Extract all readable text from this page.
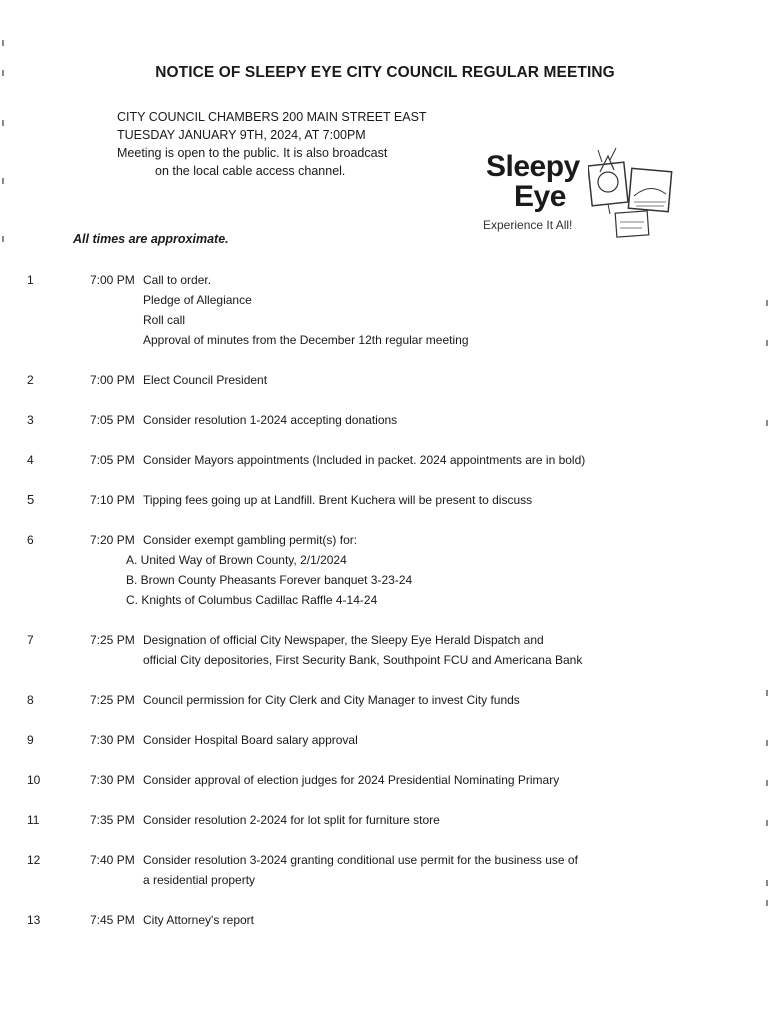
NOTICE OF SLEEPY EYE CITY COUNCIL REGULAR MEETING
CITY COUNCIL CHAMBERS 200 MAIN STREET EAST
TUESDAY JANUARY 9TH, 2024, AT 7:00PM
Meeting is open to the public. It is also broadcast
on the local cable access channel.	Sleepy
Eye
Experience It All!
All times are approximate.
1	7:00 PM Call to order.
Pledge of Allegiance
Roll call
Approval of minutes from the December 12th regular meeting
2	7:00 PM Elect Council President
3	7:05 PM Consider resolution 1-2024 accepting donations
4	7:05 PM Consider Mayors appointments (Included in packet. 2024 appointments are in bold)
5	7:10 PM Tipping fees going up at Landfill. Brent Kuchera will be present to discuss
6	7:20 PM Consider exempt gambling permit(s) for:
A. United Way of Brown County, 2/1/2024
B. Brown County Pheasants Forever banquet 3-23-24
C. Knights of Columbus Cadillac Raffle 4-14-24
7	7:25 PM Designation of official City Newspaper, the Sleepy Eye Herald Dispatch and
official City depositories, First Security Bank, Southpoint FCU and Americana Bank
8	7:25 PM Council permission for City Clerk and City Manager to invest City funds
9	7:30 PM Consider Hospital Board salary approval
10	7:30 PM Consider approval of election judges for 2024 Presidential Nominating Primary
11	7:35 PM Consider resolution 2-2024 for lot split for furniture store
12	7:40 PM Consider resolution 3-2024 granting conditional use permit for the business use of
a residential property
13	7:45 PM City Attorney's report
